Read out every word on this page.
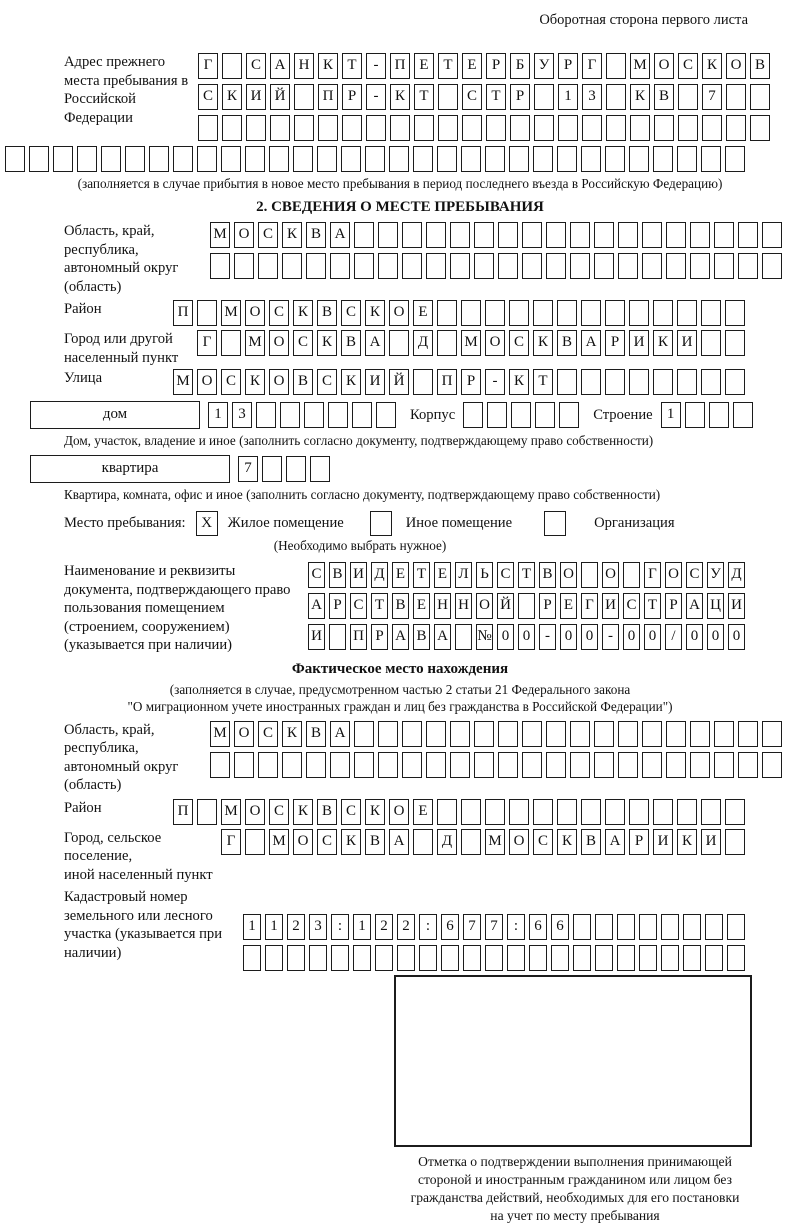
Оборотная сторона первого листа
Адрес прежнего места пребывания в Российской Федерации
Г	С А Н К Т	-	П Е Т Е	Р	Б У Р	Г	М О С К О В
С К И Й	П Р	-	К Т	С Т	Р	1	3	К В	7
(заполняется в случае прибытия в новое место пребывания в период последнего въезда в Российскую Федерацию)
2. СВЕДЕНИЯ О МЕСТЕ ПРЕБЫВАНИЯ
Область, край, республика, автономный округ (область)
М О С К В А
Район	П	М О С К В С К О Е
Город или другой
населенный пункт
Г	М О С К В А	Д	М О С К В А Р И К И
Улица	М О С К О В С К И Й	П Р	-	К Т
дом	1	3	Корпус	Строение 1
Дом, участок, владение и иное (заполнить согласно документу, подтверждающему право собственности)
квартира	7
Квартира, комната, офис и иное (заполнить согласно документу, подтверждающему право собственности)
Место пребывания:	X	Жилое помещение	Иное помещение	Организация
(Необходимо выбрать нужное)
Наименование и реквизиты документа, подтверждающего право пользования помещением (строением, сооружением) (указывается при наличии)
С В И Д Е Т Е Л Ь С Т В О О Г О С У Д
А Р С Т В Е Н Н О Й Р Е Г И С Т Р А Ц И
И П Р А В А № 0 0 - 0 0 - 0 0	/	0 0 0
Фактическое место нахождения
(заполняется в случае, предусмотренном частью 2 статьи 21 Федерального закона
"О миграционном учете иностранных граждан и лиц без гражданства в Российской Федерации")
Область, край, республика, автономный округ (область)
М О С К В А
Район	П	М О С К В С К О Е
Город, сельское поселение,
иной населенный пункт
Г	М О С К В А	Д	М О С К В А Р И К И
Кадастровый номер земельного или лесного участка (указывается при наличии)
1 1 2 3	:	1 2 2	:	6 7 7	:	6 6
Отметка о подтверждении выполнения принимающей
стороной и иностранным гражданином или лицом без
гражданства действий, необходимых для его постановки
на учет по месту пребывания
